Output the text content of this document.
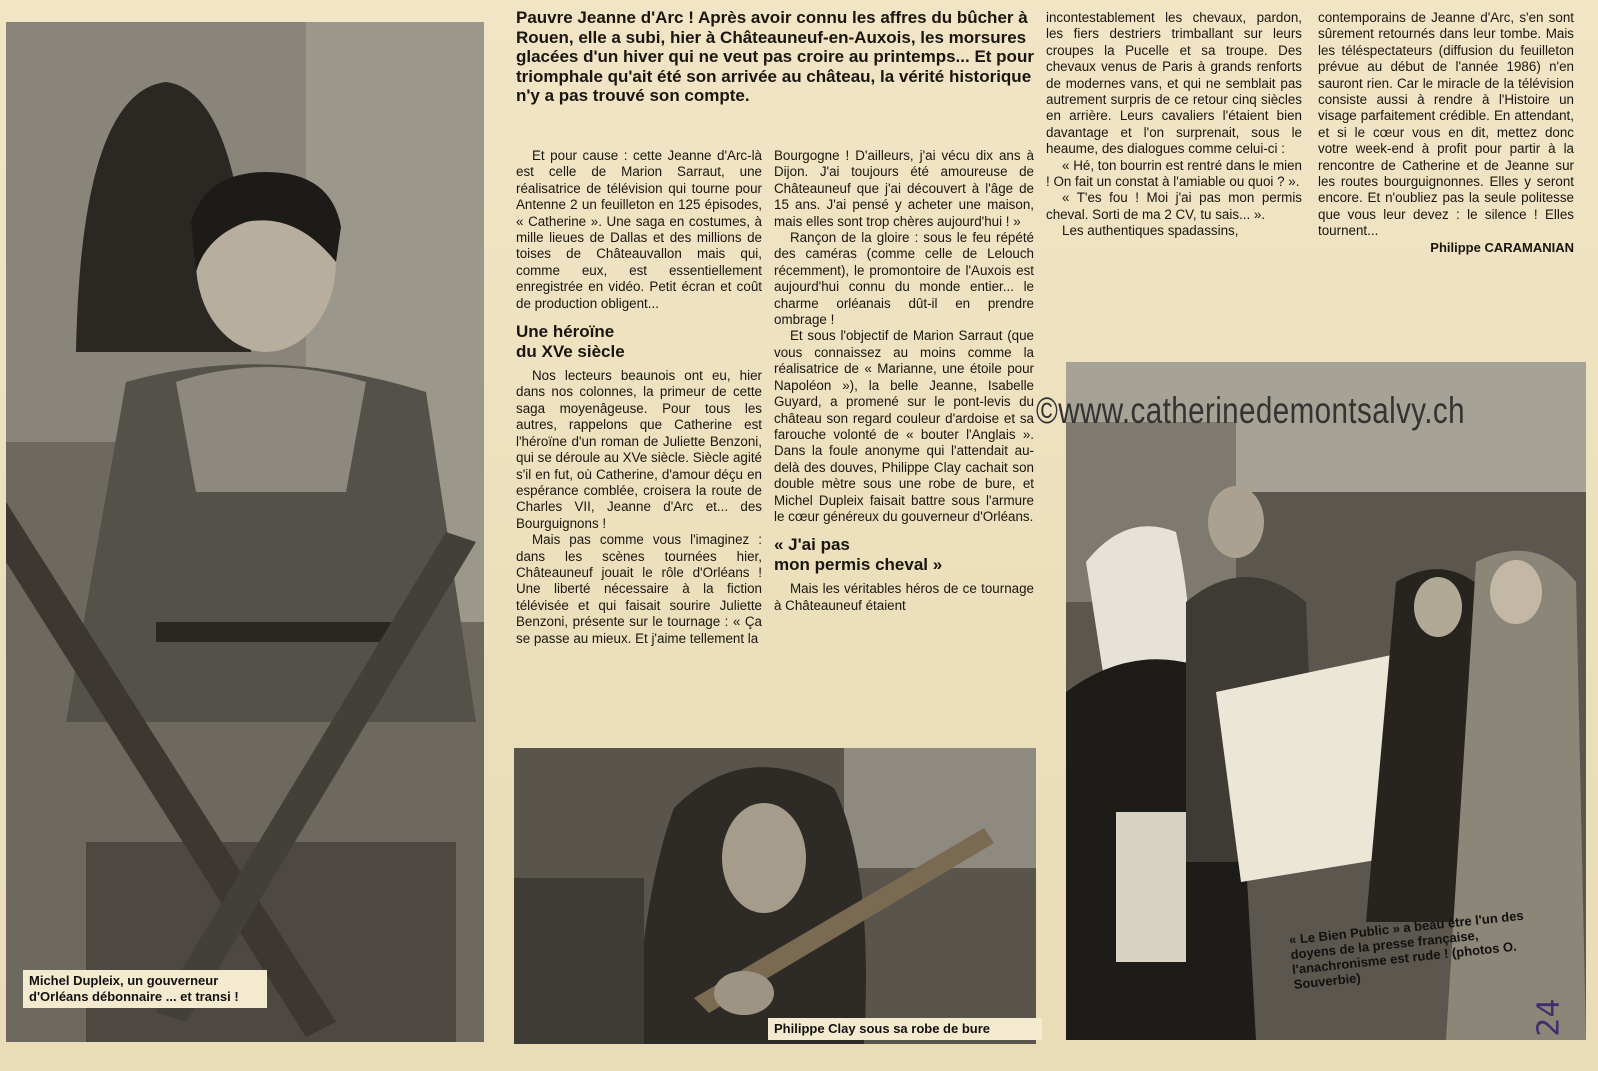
Michel Dupleix, un gouverneur d'Orléans débonnaire ... et transi !
Pauvre Jeanne d'Arc ! Après avoir connu les affres du bûcher à Rouen, elle a subi, hier à Châteauneuf-en-Auxois, les morsures glacées d'un hiver qui ne veut pas croire au printemps... Et pour triomphale qu'ait été son arrivée au château, la vérité historique n'y a pas trouvé son compte.

Et pour cause : cette Jeanne d'Arc-là est celle de Marion Sarraut, une réalisatrice de télévision qui tourne pour Antenne 2 un feuilleton en 125 épisodes, « Catherine ». Une saga en costumes, à mille lieues de Dallas et des millions de toises de Châteauvallon mais qui, comme eux, est essentiellement enregistrée en vidéo. Petit écran et coût de production obligent...

Une héroïne
du XVe siècle

Nos lecteurs beaunois ont eu, hier dans nos colonnes, la primeur de cette saga moyenâgeuse. Pour tous les autres, rappelons que Catherine est l'héroïne d'un roman de Juliette Benzoni, qui se déroule au XVe siècle. Siècle agité s'il en fut, où Catherine, d'amour déçu en espérance comblée, croisera la route de Charles VII, Jeanne d'Arc et... des Bourguignons !

Mais pas comme vous l'imaginez : dans les scènes tournées hier, Châteauneuf jouait le rôle d'Orléans ! Une liberté nécessaire à la fiction télévisée et qui faisait sourire Juliette Benzoni, présente sur le tournage : « Ça se passe au mieux. Et j'aime tellement la

Bourgogne ! D'ailleurs, j'ai vécu dix ans à Dijon. J'ai toujours été amoureuse de Châteauneuf que j'ai découvert à l'âge de 15 ans. J'ai pensé y acheter une maison, mais elles sont trop chères aujourd'hui ! »

Rançon de la gloire : sous le feu répété des caméras (comme celle de Lelouch récemment), le promontoire de l'Auxois est aujourd'hui connu du monde entier... le charme orléanais dût-il en prendre ombrage !

Et sous l'objectif de Marion Sarraut (que vous connaissez au moins comme la réalisatrice de « Marianne, une étoile pour Napoléon »), la belle Jeanne, Isabelle Guyard, a promené sur le pont-levis du château son regard couleur d'ardoise et sa farouche volonté de « bouter l'Anglais ». Dans la foule anonyme qui l'attendait au-delà des douves, Philippe Clay cachait son double mètre sous une robe de bure, et Michel Dupleix faisait battre sous l'armure le cœur généreux du gouverneur d'Orléans.

« J'ai pas
mon permis cheval »

Mais les véritables héros de ce tournage à Châteauneuf étaient

incontestablement les chevaux, pardon, les fiers destriers trimballant sur leurs croupes la Pucelle et sa troupe. Des chevaux venus de Paris à grands renforts de modernes vans, et qui ne semblait pas autrement surpris de ce retour cinq siècles en arrière. Leurs cavaliers l'étaient bien davantage et l'on surprenait, sous le heaume, des dialogues comme celui-ci :

« Hé, ton bourrin est rentré dans le mien ! On fait un constat à l'amiable ou quoi ? ».

« T'es fou ! Moi j'ai pas mon permis cheval. Sorti de ma 2 CV, tu sais... ».

Les authentiques spadassins,

contemporains de Jeanne d'Arc, s'en sont sûrement retournés dans leur tombe. Mais les téléspectateurs (diffusion du feuilleton prévue au début de l'année 1986) n'en sauront rien. Car le miracle de la télévision consiste aussi à rendre à l'Histoire un visage parfaitement crédible. En attendant, et si le cœur vous en dit, mettez donc votre week-end à profit pour partir à la rencontre de Catherine et de Jeanne sur les routes bourguignonnes. Elles y seront encore. Et n'oubliez pas la seule politesse que vous leur devez : le silence ! Elles tournent...

Philippe CARAMANIAN

Philippe Clay sous sa robe de bure
« Le Bien Public » a beau être l'un des doyens de la presse française, l'anachronisme est rude ! (photos O. Souverbie)
©www.catherinedemontsalvy.ch
24
